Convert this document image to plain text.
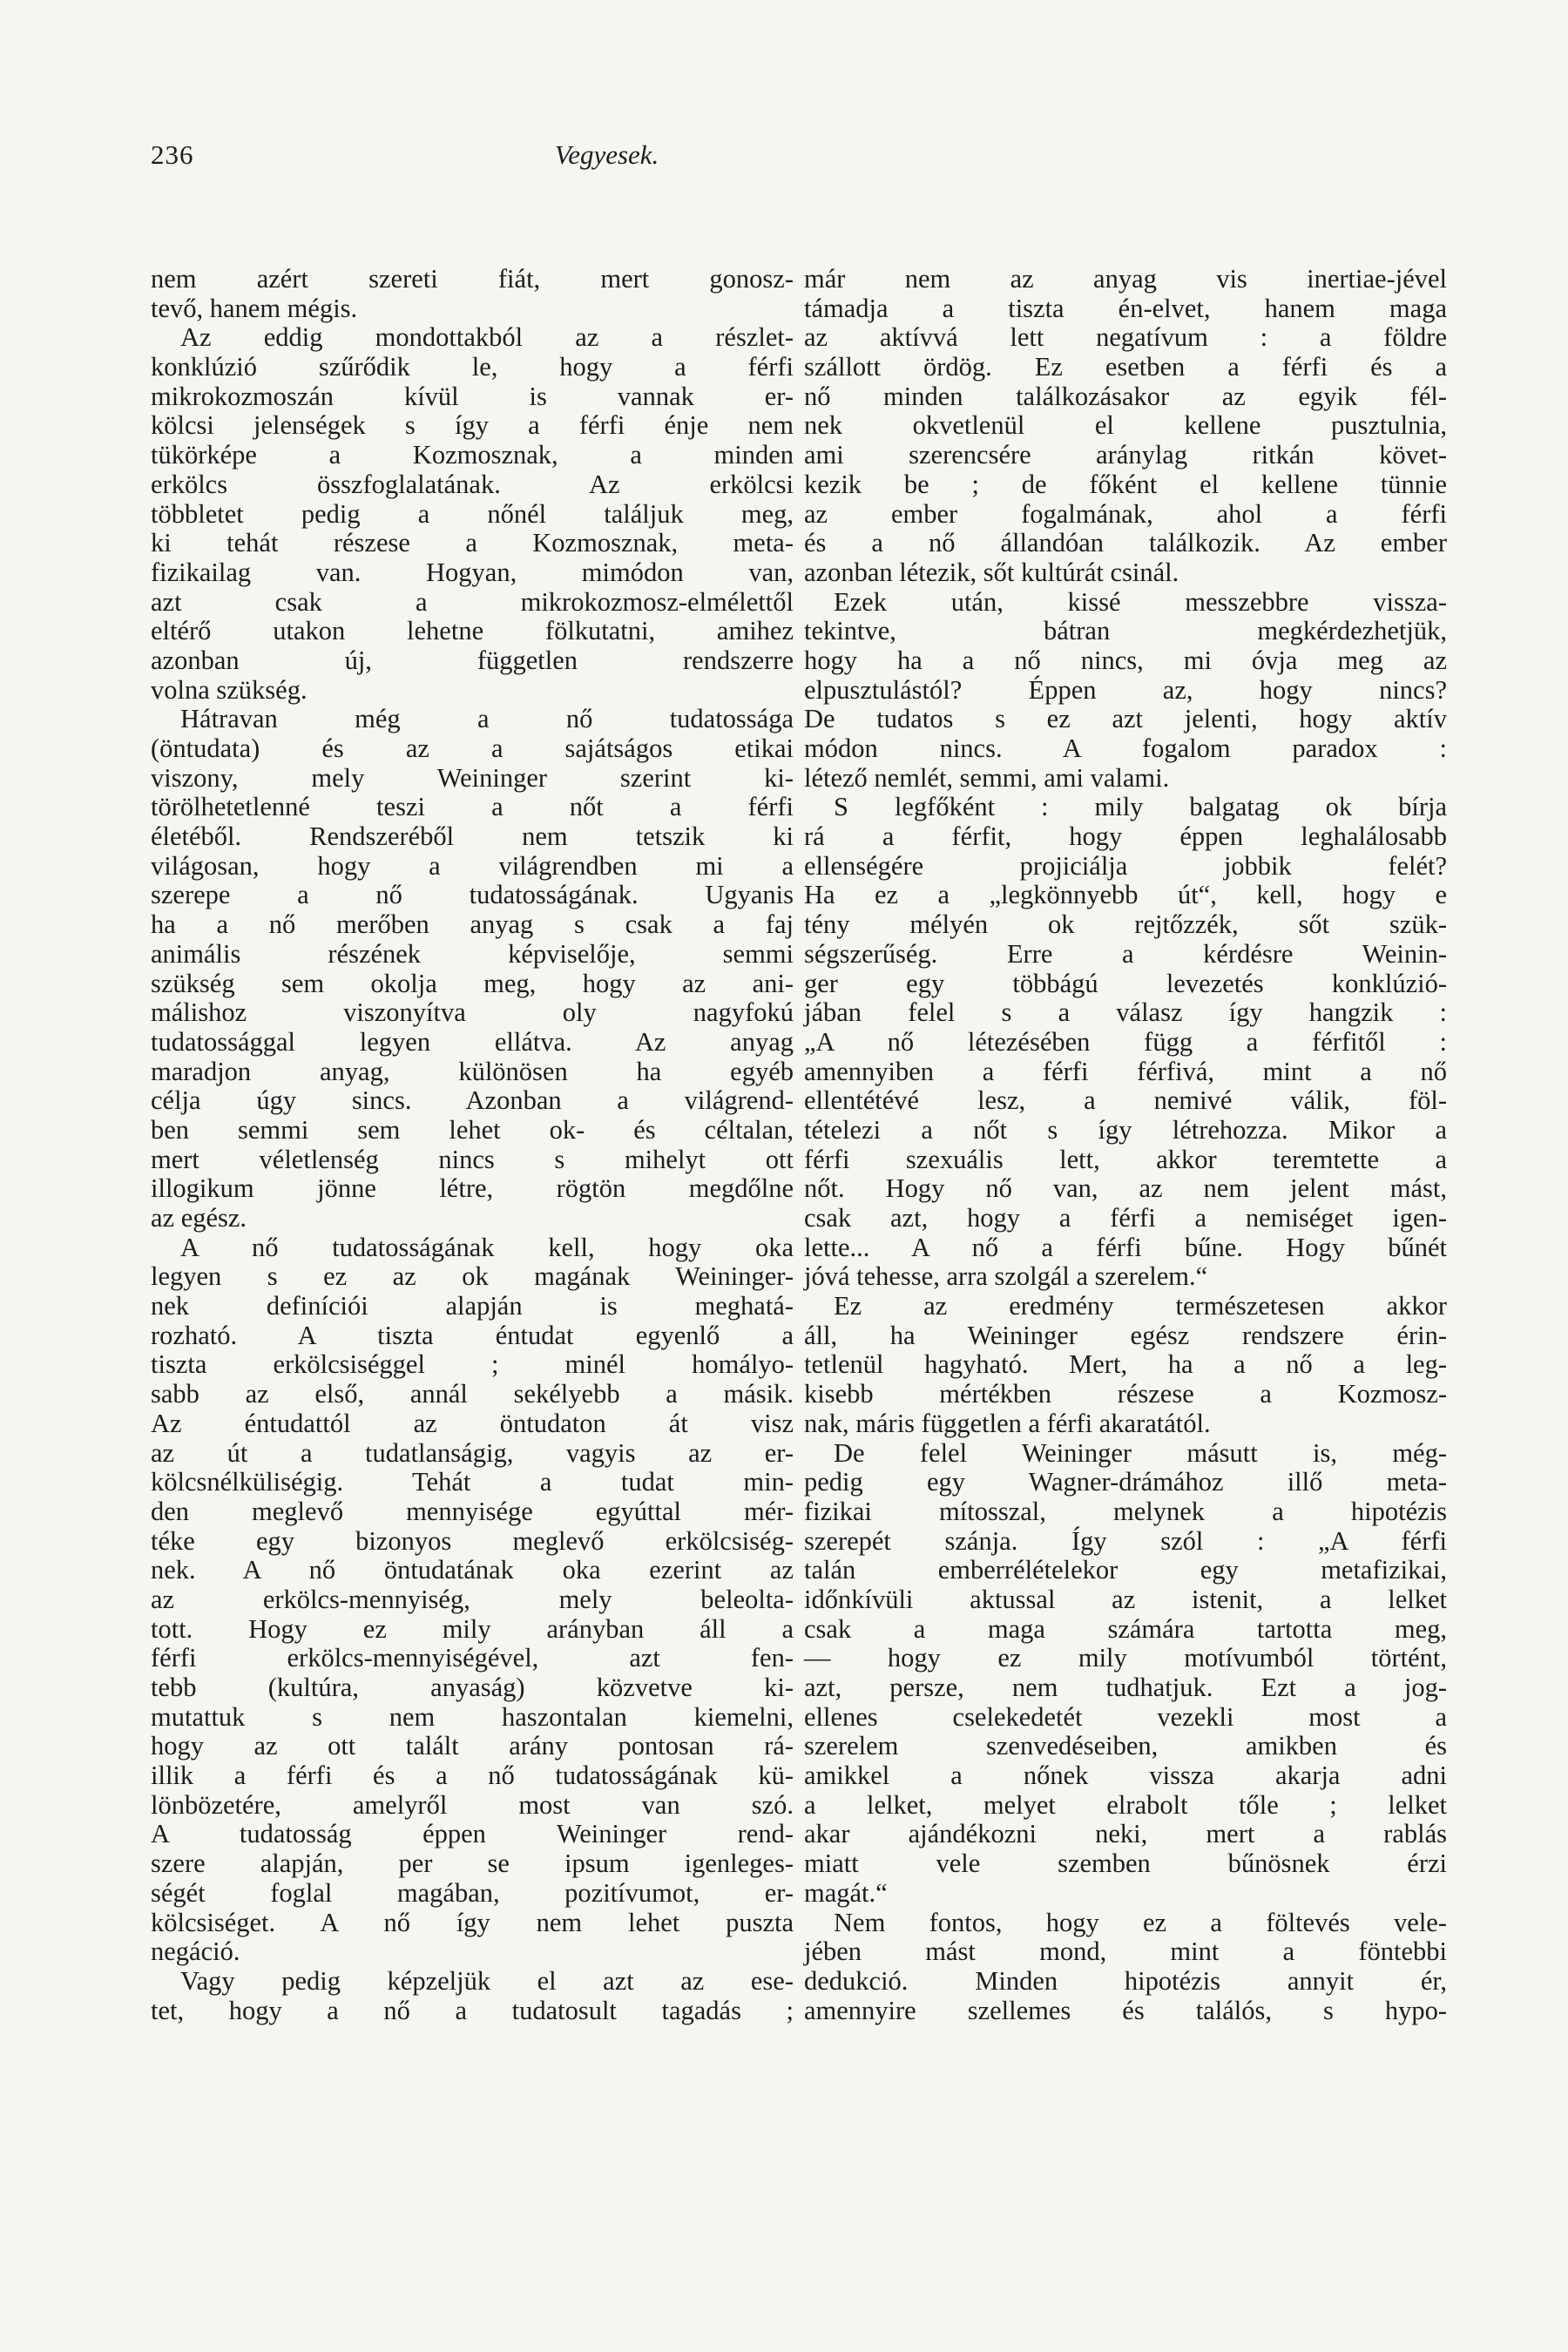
236	Vegyesek.
nem azért szereti fiát, mert gonosz-
tevő, hanem mégis.
Az eddig mondottakból az a részlet-
konklúzió szűrődik le, hogy a férfi
mikrokozmoszán kívül is vannak er-
kölcsi jelenségek s így a férfi énje nem
tükörképe a Kozmosznak, a minden
erkölcs összfoglalatának. Az erkölcsi
többletet pedig a nőnél találjuk meg,
ki tehát részese a Kozmosznak, meta-
fizikailag van. Hogyan, mimódon van,
azt csak a mikrokozmosz-elmélettől
eltérő utakon lehetne fölkutatni, amihez
azonban új, független rendszerre
volna szükség.
Hátravan még a nő tudatossága
(öntudata) és az a sajátságos etikai
viszony, mely Weininger szerint ki-
törölhetetlenné teszi a nőt a férfi
életéből. Rendszeréből nem tetszik ki
világosan, hogy a világrendben mi a
szerepe a nő tudatosságának. Ugyanis
ha a nő merőben anyag s csak a faj
animális részének képviselője, semmi
szükség sem okolja meg, hogy az ani-
málishoz viszonyítva oly nagyfokú
tudatossággal legyen ellátva. Az anyag
maradjon anyag, különösen ha egyéb
célja úgy sincs. Azonban a világrend-
ben semmi sem lehet ok- és céltalan,
mert véletlenség nincs s mihelyt ott
illogikum jönne létre, rögtön megdőlne
az egész.
A nő tudatosságának kell, hogy oka
legyen s ez az ok magának Weininger-
nek definíciói alapján is meghatá-
rozható. A tiszta éntudat egyenlő a
tiszta erkölcsiséggel ; minél homályo-
sabb az első, annál sekélyebb a másik.
Az éntudattól az öntudaton át visz
az út a tudatlanságig, vagyis az er-
kölcsnélküliségig. Tehát a tudat min-
den meglevő mennyisége egyúttal mér-
téke egy bizonyos meglevő erkölcsiség-
nek. A nő öntudatának oka ezerint az
az erkölcs-mennyiség, mely beleolta-
tott. Hogy ez mily arányban áll a
férfi erkölcs-mennyiségével, azt fen-
tebb (kultúra, anyaság) közvetve ki-
mutattuk s nem haszontalan kiemelni,
hogy az ott talált arány pontosan rá-
illik a férfi és a nő tudatosságának kü-
lönbözetére, amelyről most van szó.
A tudatosság éppen Weininger rend-
szere alapján, per se ipsum igenleges-
ségét foglal magában, pozitívumot, er-
kölcsiséget. A nő így nem lehet puszta
negáció.
Vagy pedig képzeljük el azt az ese-
tet, hogy a nő a tudatosult tagadás ;
már nem az anyag vis inertiae-jével
támadja a tiszta én-elvet, hanem maga
az aktívvá lett negatívum : a földre
szállott ördög. Ez esetben a férfi és a
nő minden találkozásakor az egyik fél-
nek okvetlenül el kellene pusztulnia,
ami szerencsére aránylag ritkán követ-
kezik be ; de főként el kellene tünnie
az ember fogalmának, ahol a férfi
és a nő állandóan találkozik. Az ember
azonban létezik, sőt kultúrát csinál.
Ezek után, kissé messzebbre vissza-
tekintve, bátran megkérdezhetjük,
hogy ha a nő nincs, mi óvja meg az
elpusztulástól? Éppen az, hogy nincs?
De tudatos s ez azt jelenti, hogy aktív
módon nincs. A fogalom paradox :
létező nemlét, semmi, ami valami.
S legfőként : mily balgatag ok bírja
rá a férfit, hogy éppen leghalálosabb
ellenségére projiciálja jobbik felét?
Ha ez a „legkönnyebb út“, kell, hogy e
tény mélyén ok rejtőzzék, sőt szük-
ségszerűség. Erre a kérdésre Weinin-
ger egy többágú levezetés konklúzió-
jában felel s a válasz így hangzik :
„A nő létezésében függ a férfitől :
amennyiben a férfi férfivá, mint a nő
ellentétévé lesz, a nemivé válik, föl-
tételezi a nőt s így létrehozza. Mikor a
férfi szexuális lett, akkor teremtette a
nőt. Hogy nő van, az nem jelent mást,
csak azt, hogy a férfi a nemiséget igen-
lette... A nő a férfi bűne. Hogy bűnét
jóvá tehesse, arra szolgál a szerelem.“
Ez az eredmény természetesen akkor
áll, ha Weininger egész rendszere érin-
tetlenül hagyható. Mert, ha a nő a leg-
kisebb mértékben részese a Kozmosz-
nak, máris független a férfi akaratától.
De felel Weininger másutt is, még-
pedig egy Wagner-drámához illő meta-
fizikai mítosszal, melynek a hipotézis
szerepét szánja. Így szól : „A férfi
talán emberrélételekor egy metafizikai,
időnkívüli aktussal az istenit, a lelket
csak a maga számára tartotta meg,
— hogy ez mily motívumból történt,
azt, persze, nem tudhatjuk. Ezt a jog-
ellenes cselekedetét vezekli most a
szerelem szenvedéseiben, amikben és
amikkel a nőnek vissza akarja adni
a lelket, melyet elrabolt tőle ; lelket
akar ajándékozni neki, mert a rablás
miatt vele szemben bűnösnek érzi
magát.“
Nem fontos, hogy ez a föltevés vele-
jében mást mond, mint a föntebbi
dedukció. Minden hipotézis annyit ér,
amennyire szellemes és találós, s hypo-
